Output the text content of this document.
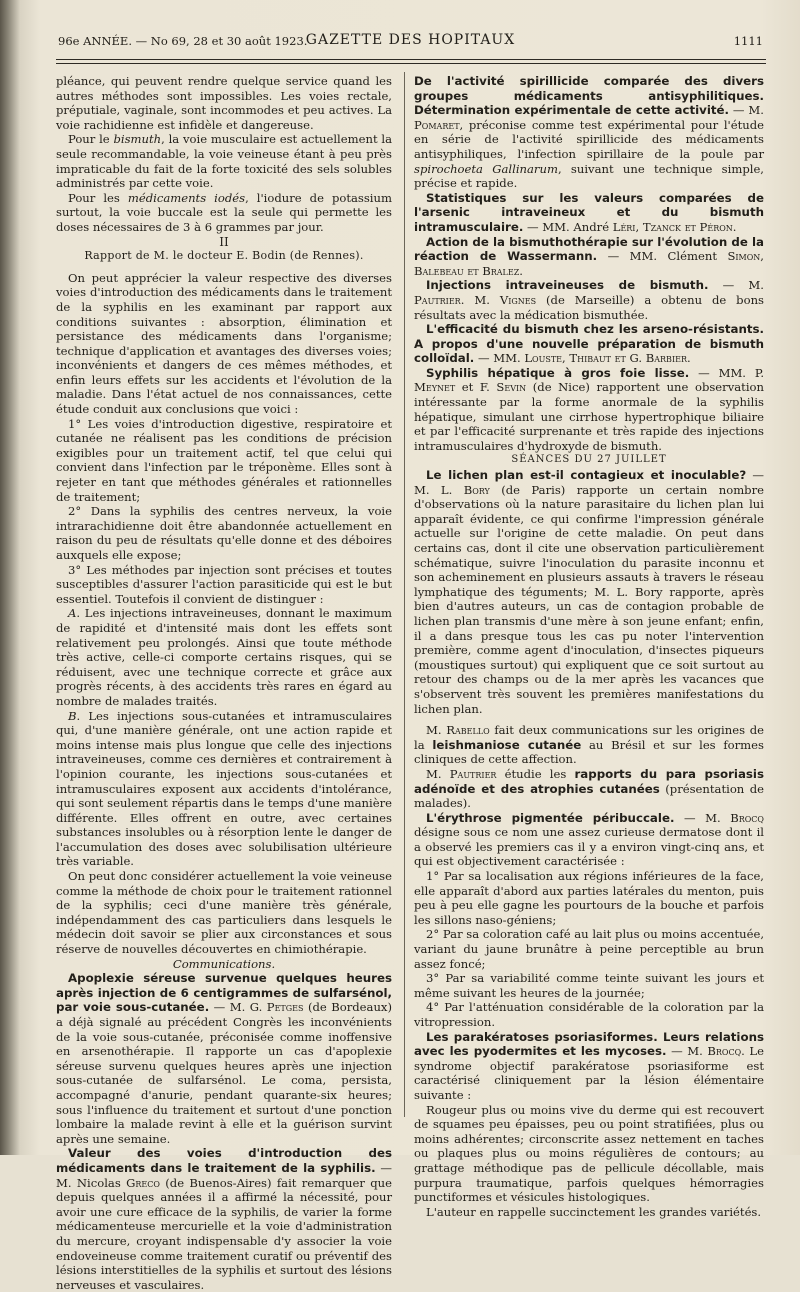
96e ANNÉE. — No 69, 28 et 30 août 1923.
GAZETTE DES HOPITAUX	1111

pléance, qui peuvent rendre quelque service quand les autres méthodes sont impossibles. Les voies rectale, préputiale, vaginale, sont incommodes et peu actives. La voie rachidienne est infidèle et dangereuse.

Pour le bismuth, la voie musculaire est actuellement la seule recommandable, la voie veineuse étant à peu près impraticable du fait de la forte toxicité des sels solubles administrés par cette voie.

Pour les médicaments iodés, l'iodure de potassium surtout, la voie buccale est la seule qui permette les doses nécessaires de 3 à 6 grammes par jour.

II

Rapport de M. le docteur E. Bodin (de Rennes).

On peut apprécier la valeur respective des diverses voies d'introduction des médicaments dans le traitement de la syphilis en les examinant par rapport aux conditions suivantes : absorption, élimination et persistance des médicaments dans l'organisme; technique d'application et avantages des diverses voies; inconvénients et dangers de ces mêmes méthodes, et enfin leurs effets sur les accidents et l'évolution de la maladie. Dans l'état actuel de nos connaissances, cette étude conduit aux conclusions que voici :

1° Les voies d'introduction digestive, respiratoire et cutanée ne réalisent pas les conditions de précision exigibles pour un traitement actif, tel que celui qui convient dans l'infection par le tréponème. Elles sont à rejeter en tant que méthodes générales et rationnelles de traitement;

2° Dans la syphilis des centres nerveux, la voie intrarachidienne doit être abandonnée actuellement en raison du peu de résultats qu'elle donne et des déboires auxquels elle expose;

3° Les méthodes par injection sont précises et toutes susceptibles d'assurer l'action parasiticide qui est le but essentiel. Toutefois il convient de distinguer :

A. Les injections intraveineuses, donnant le maximum de rapidité et d'intensité mais dont les effets sont relativement peu prolongés. Ainsi que toute méthode très active, celle-ci comporte certains risques, qui se réduisent, avec une technique correcte et grâce aux progrès récents, à des accidents très rares en égard au nombre de malades traités.

B. Les injections sous-cutanées et intramusculaires qui, d'une manière générale, ont une action rapide et moins intense mais plus longue que celle des injections intraveineuses, comme ces dernières et contrairement à l'opinion courante, les injections sous-cutanées et intramusculaires exposent aux accidents d'intolérance, qui sont seulement répartis dans le temps d'une manière différente. Elles offrent en outre, avec certaines substances insolubles ou à résorption lente le danger de l'accumulation des doses avec solubilisation ultérieure très variable.

On peut donc considérer actuellement la voie veineuse comme la méthode de choix pour le traitement rationnel de la syphilis; ceci d'une manière très générale, indépendamment des cas particuliers dans lesquels le médecin doit savoir se plier aux circonstances et sous réserve de nouvelles découvertes en chimiothérapie.

Communications.

Apoplexie séreuse survenue quelques heures après injection de 6 centigrammes de sulfarsénol, par voie sous-cutanée. — M. G. Petges (de Bordeaux) a déjà signalé au précédent Congrès les inconvénients de la voie sous-cutanée, préconisée comme inoffensive en arsenothérapie. Il rapporte un cas d'apoplexie séreuse survenu quelques heures après une injection sous-cutanée de sulfarsénol. Le coma, persista, accompagné d'anurie, pendant quarante-six heures; sous l'influence du traitement et surtout d'une ponction lombaire la malade revint à elle et la guérison survint après une semaine.

Valeur des voies d'introduction des médicaments dans le traitement de la syphilis. — M. Nicolas Greco (de Buenos-Aires) fait remarquer que depuis quelques années il a affirmé la nécessité, pour avoir une cure efficace de la syphilis, de varier la forme médicamenteuse mercurielle et la voie d'administration du mercure, croyant indispensable d'y associer la voie endoveineuse comme traitement curatif ou préventif des lésions interstitielles de la syphilis et surtout des lésions nerveuses et vasculaires.

De l'activité spirillicide comparée des divers groupes médicaments antisyphilitiques. Détermination expérimentale de cette activité. — M. Pomaret, préconise comme test expérimental pour l'étude en série de l'activité spirillicide des médicaments antisyphiliques, l'infection spirillaire de la poule par spirochoeta Gallinarum, suivant une technique simple, précise et rapide.

Statistiques sur les valeurs comparées de l'arsenic intraveineux et du bismuth intramusculaire. — MM. André Léri, Tzanck et Péron.

Action de la bismuthothérapie sur l'évolution de la réaction de Wassermann. — MM. Clément Simon, Balebeau et Bralez.

Injections intraveineuses de bismuth. — M. Pautrier. M. Vignes (de Marseille) a obtenu de bons résultats avec la médication bismuthée.

L'efficacité du bismuth chez les arseno-résistants. A propos d'une nouvelle préparation de bismuth colloïdal. — MM. Louste, Thibaut et G. Barbier.

Syphilis hépatique à gros foie lisse. — MM. P. Meynet et F. Sevin (de Nice) rapportent une observation intéressante par la forme anormale de la syphilis hépatique, simulant une cirrhose hypertrophique biliaire et par l'efficacité surprenante et très rapide des injections intramusculaires d'hydroxyde de bismuth.

SÉANCES DU 27 JUILLET

Le lichen plan est-il contagieux et inoculable? — M. L. Bory (de Paris) rapporte un certain nombre d'observations où la nature parasitaire du lichen plan lui apparaît évidente, ce qui confirme l'impression générale actuelle sur l'origine de cette maladie. On peut dans certains cas, dont il cite une observation particulièrement schématique, suivre l'inoculation du parasite inconnu et son acheminement en plusieurs assauts à travers le réseau lymphatique des téguments; M. L. Bory rapporte, après bien d'autres auteurs, un cas de contagion probable de lichen plan transmis d'une mère à son jeune enfant; enfin, il a dans presque tous les cas pu noter l'intervention première, comme agent d'inoculation, d'insectes piqueurs (moustiques surtout) qui expliquent que ce soit surtout au retour des champs ou de la mer après les vacances que s'observent très souvent les premières manifestations du lichen plan.

M. Rabello fait deux communications sur les origines de la leishmaniose cutanée au Brésil et sur les formes cliniques de cette affection.

M. Pautrier étudie les rapports du para psoriasis adénoïde et des atrophies cutanées (présentation de malades).

L'érythrose pigmentée péribuccale. — M. Brocq désigne sous ce nom une assez curieuse dermatose dont il a observé les premiers cas il y a environ vingt-cinq ans, et qui est objectivement caractérisée :

1° Par sa localisation aux régions inférieures de la face, elle apparaît d'abord aux parties latérales du menton, puis peu à peu elle gagne les pourtours de la bouche et parfois les sillons naso-géniens;

2° Par sa coloration café au lait plus ou moins accentuée, variant du jaune brunâtre à peine perceptible au brun assez foncé;

3° Par sa variabilité comme teinte suivant les jours et même suivant les heures de la journée;

4° Par l'atténuation considérable de la coloration par la vitropression.

Les parakératoses psoriasiformes. Leurs relations avec les pyodermites et les mycoses. — M. Brocq. Le syndrome objectif parakératose psoriasiforme est caractérisé cliniquement par la lésion élémentaire suivante :

Rougeur plus ou moins vive du derme qui est recouvert de squames peu épaisses, peu ou point stratifiées, plus ou moins adhérentes; circonscrite assez nettement en taches ou plaques plus ou moins régulières de contours; au grattage méthodique pas de pellicule décollable, mais purpura traumatique, parfois quelques hémorragies punctiformes et vésicules histologiques.

L'auteur en rappelle succinctement les grandes variétés.
